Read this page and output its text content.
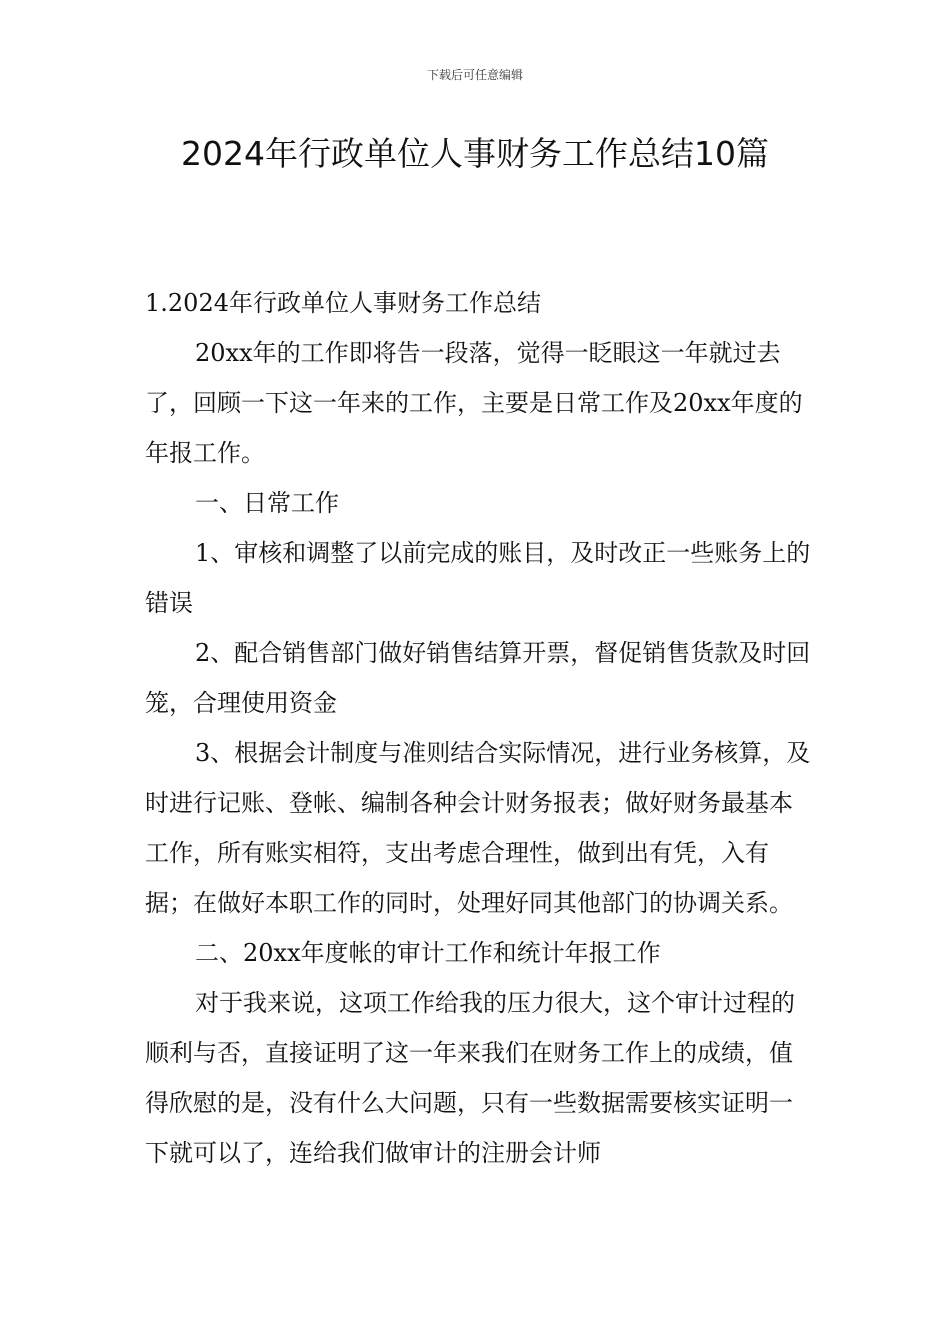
下载后可任意编辑
2024年行政单位人事财务工作总结10篇

1.2024年行政单位人事财务工作总结

20xx年的工作即将告一段落，觉得一眨眼这一年就过去了，回顾一下这一年来的工作，主要是日常工作及20xx年度的年报工作。

一、日常工作

1、审核和调整了以前完成的账目，及时改正一些账务上的错误

2、配合销售部门做好销售结算开票，督促销售货款及时回笼，合理使用资金

3、根据会计制度与准则结合实际情况，进行业务核算，及时进行记账、登帐、编制各种会计财务报表；做好财务最基本工作，所有账实相符，支出考虑合理性，做到出有凭，入有据；在做好本职工作的同时，处理好同其他部门的协调关系。

二、20xx年度帐的审计工作和统计年报工作

对于我来说，这项工作给我的压力很大，这个审计过程的顺利与否，直接证明了这一年来我们在财务工作上的成绩，值得欣慰的是，没有什么大问题，只有一些数据需要核实证明一下就可以了，连给我们做审计的注册会计师
